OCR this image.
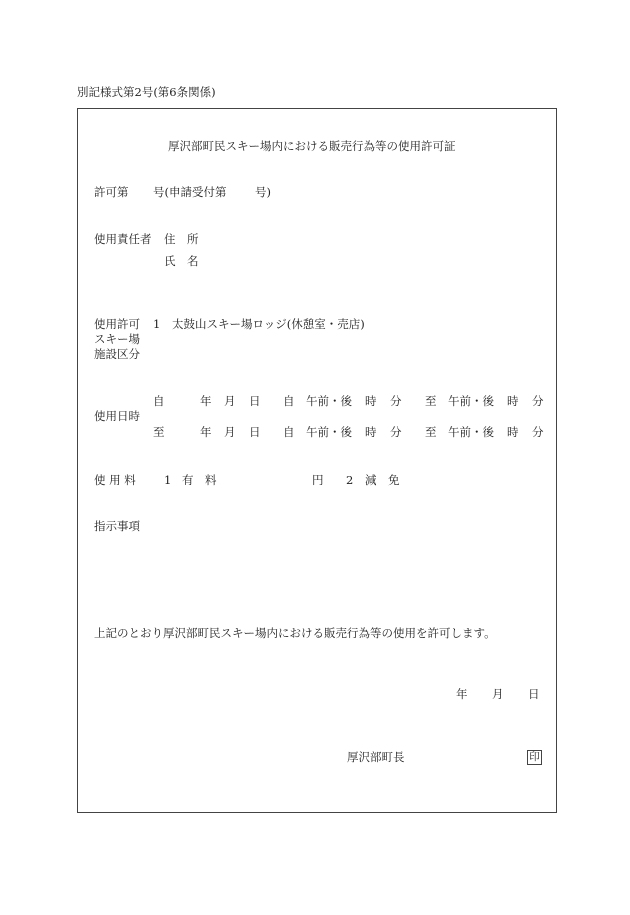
別記様式第2号(第6条関係)
厚沢部町民スキー場内における販売行為等の使用許可証
許可第 号(申請受付第 号)
使用責任者 住　所
氏　名
使用許可
スキー場
施設区分
1 太鼓山スキー場ロッジ(休憩室・売店)
使用日時
自	年 月 日 自 午前・後 時 分 至 午前・後 時 分
至	年 月 日 自 午前・後 時 分 至 午前・後 時 分
使 用 料 1 有　料	円 2 減　免
指示事項
上記のとおり厚沢部町民スキー場内における販売行為等の使用を許可します。
年 月 日
厚沢部町長	印
